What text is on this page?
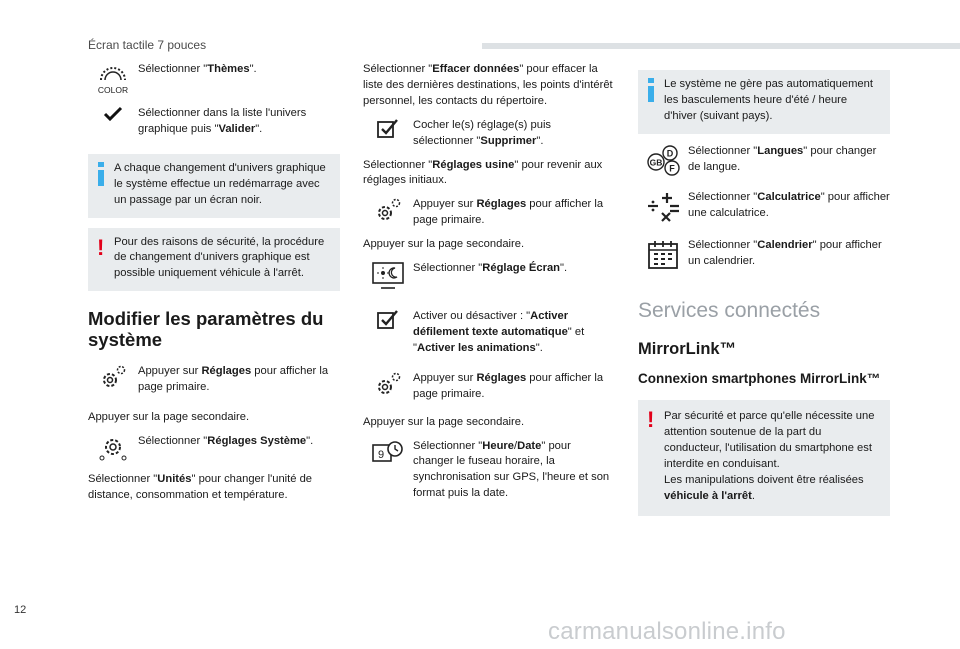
Écran tactile 7 pouces
COLOR
Sélectionner "Thèmes".
Sélectionner dans la liste l'univers graphique puis "Valider".
A chaque changement d'univers graphique le système effectue un redémarrage avec un passage par un écran noir.
! Pour des raisons de sécurité, la procédure de changement d'univers graphique est possible uniquement véhicule à l'arrêt.
Modifier les paramètres du système
Appuyer sur Réglages pour afficher la page primaire.

Appuyer sur la page secondaire.

Sélectionner "Réglages Système".

Sélectionner "Unités" pour changer l'unité de distance, consommation et température.

Sélectionner "Effacer données" pour effacer la liste des dernières destinations, les points d'intérêt personnel, les contacts du répertoire.

Cocher le(s) réglage(s) puis sélectionner "Supprimer".

Sélectionner "Réglages usine" pour revenir aux réglages initiaux.

Appuyer sur Réglages pour afficher la page primaire.

Appuyer sur la page secondaire.

Sélectionner "Réglage Écran".
Activer ou désactiver : "Activer défilement texte automatique" et "Activer les animations".
Appuyer sur Réglages pour afficher la page primaire.

Appuyer sur la page secondaire.

9
Sélectionner "Heure/Date" pour changer le fuseau horaire, la synchronisation sur GPS, l'heure et son format puis la date.
Le système ne gère pas automatiquement les basculements heure d'été / heure d'hiver (suivant pays).
D
GB
F
Sélectionner "Langues" pour changer de langue.
Sélectionner "Calculatrice" pour afficher une calculatrice.
Sélectionner "Calendrier" pour afficher un calendrier.
Services connectés
MirrorLink™
Connexion smartphones MirrorLink™
! Par sécurité et parce qu'elle nécessite une attention soutenue de la part du conducteur, l'utilisation du smartphone est interdite en conduisant.
Les manipulations doivent être réalisées véhicule à l'arrêt.
12
carmanualsonline.info
